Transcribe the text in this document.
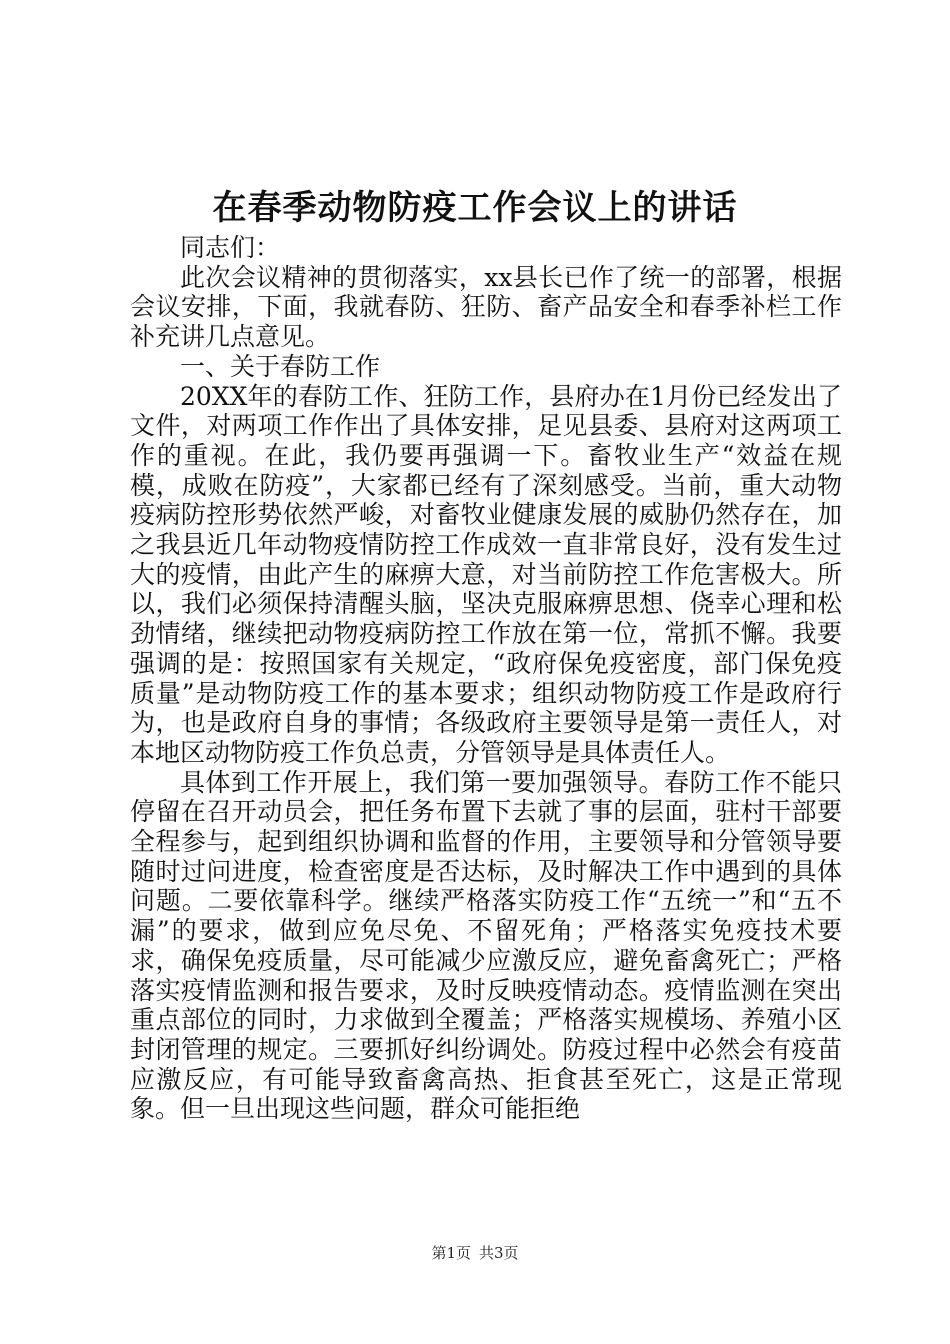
在春季动物防疫工作会议上的讲话

同志们：

此次会议精神的贯彻落实，xx县长已作了统一的部署，根据会议安排，下面，我就春防、狂防、畜产品安全和春季补栏工作补充讲几点意见。

一、关于春防工作

20XX年的春防工作、狂防工作，县府办在1月份已经发出了文件，对两项工作作出了具体安排，足见县委、县府对这两项工作的重视。在此，我仍要再强调一下。畜牧业生产“效益在规模，成败在防疫”，大家都已经有了深刻感受。当前，重大动物疫病防控形势依然严峻，对畜牧业健康发展的威胁仍然存在，加之我县近几年动物疫情防控工作成效一直非常良好，没有发生过大的疫情，由此产生的麻痹大意，对当前防控工作危害极大。所以，我们必须保持清醒头脑，坚决克服麻痹思想、侥幸心理和松劲情绪，继续把动物疫病防控工作放在第一位，常抓不懈。我要强调的是：按照国家有关规定，“政府保免疫密度，部门保免疫质量”是动物防疫工作的基本要求；组织动物防疫工作是政府行为，也是政府自身的事情；各级政府主要领导是第一责任人，对本地区动物防疫工作负总责，分管领导是具体责任人。

具体到工作开展上，我们第一要加强领导。春防工作不能只停留在召开动员会，把任务布置下去就了事的层面，驻村干部要全程参与，起到组织协调和监督的作用，主要领导和分管领导要随时过问进度，检查密度是否达标，及时解决工作中遇到的具体问题。二要依靠科学。继续严格落实防疫工作“五统一”和“五不漏”的要求，做到应免尽免、不留死角；严格落实免疫技术要求，确保免疫质量，尽可能减少应激反应，避免畜禽死亡；严格落实疫情监测和报告要求，及时反映疫情动态。疫情监测在突出重点部位的同时，力求做到全覆盖；严格落实规模场、养殖小区封闭管理的规定。三要抓好纠纷调处。防疫过程中必然会有疫苗应激反应，有可能导致畜禽高热、拒食甚至死亡，这是正常现象。但一旦出现这些问题，群众可能拒绝

第1页 共3页
